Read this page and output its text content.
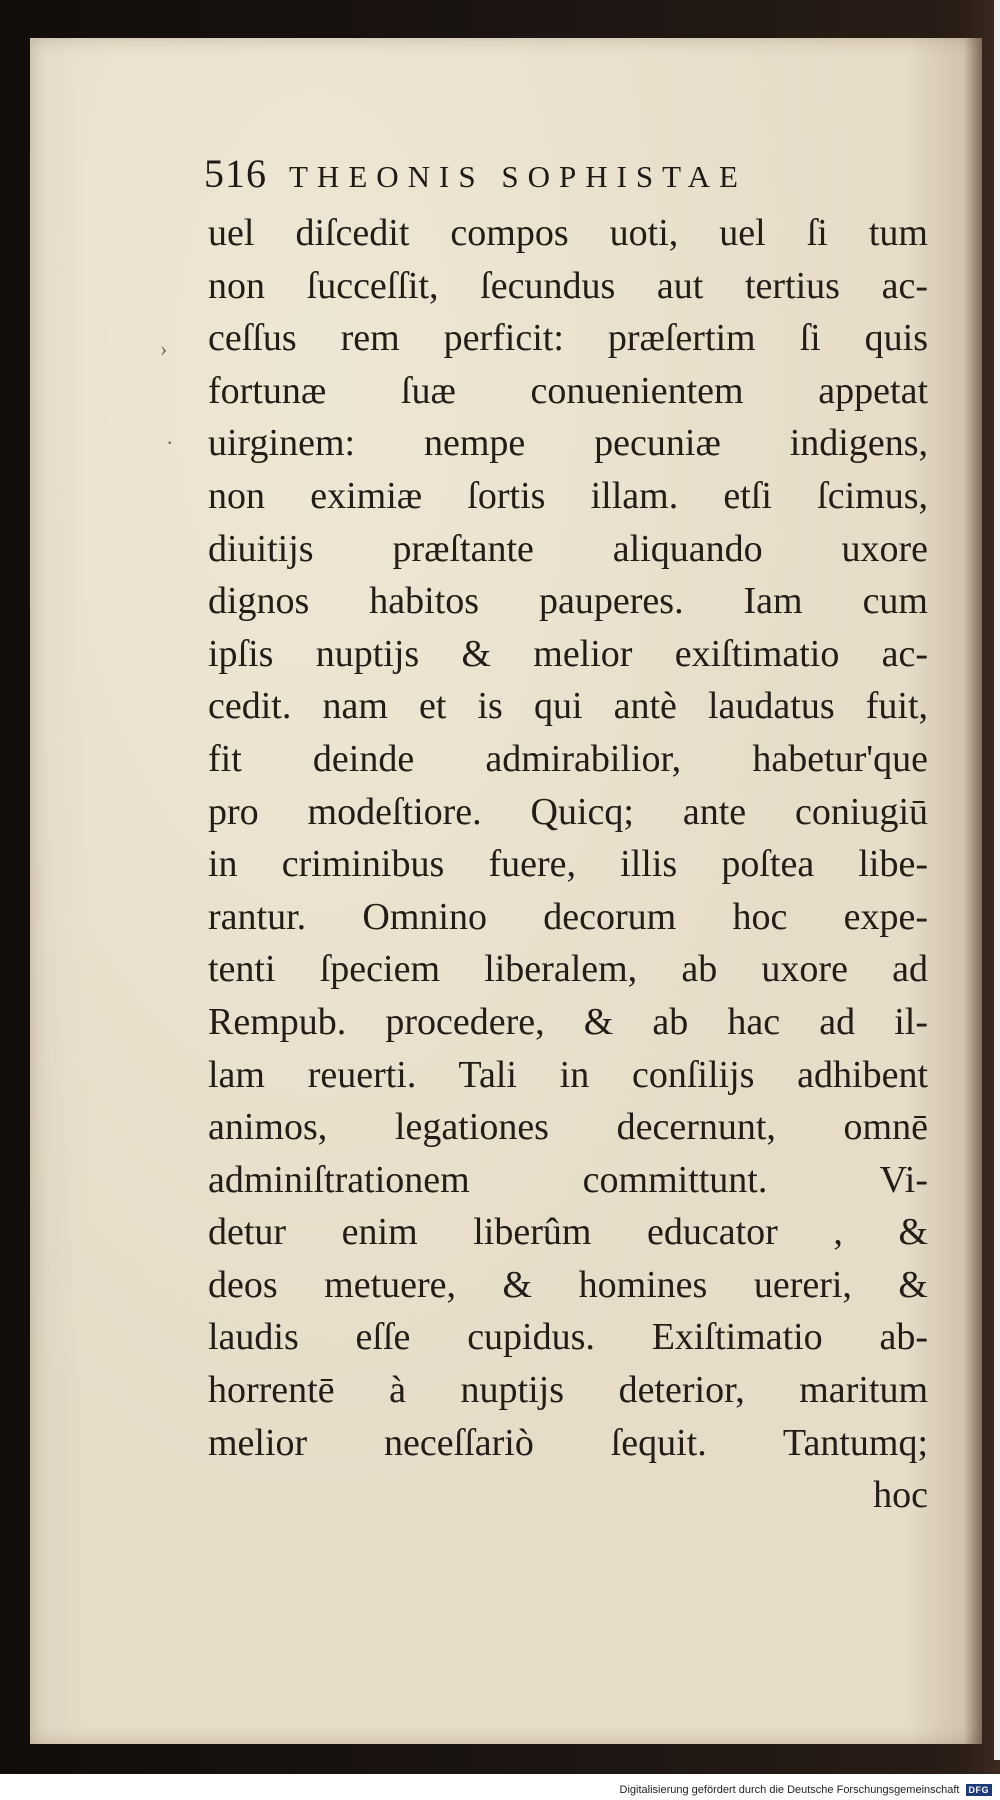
›
·
516 THEONIS SOPHISTAE
uel diſcedit compos uoti, uel ſi tum
non ſucceſſit, ſecundus aut tertius ac-
ceſſus rem perficit: præſertim ſi quis
fortunæ ſuæ conuenientem appetat
uirginem: nempe pecuniæ indigens,
non eximiæ ſortis illam. etſi ſcimus,
diuitijs præſtante aliquando uxore
dignos habitos pauperes. Iam cum
ipſis nuptijs & melior exiſtimatio ac-
cedit. nam et is qui antè laudatus fuit,
fit deinde admirabilior, habetur'que
pro modeſtiore. Quicq; ante coniugiū
in criminibus fuere, illis poſtea libe-
rantur. Omnino decorum hoc expe-
tenti ſpeciem liberalem, ab uxore ad
Rempub. procedere, & ab hac ad il-
lam reuerti. Tali in conſilijs adhibent
animos, legationes decernunt, omnē
adminiſtrationem committunt. Vi-
detur enim liberûm educator , &
deos metuere, & homines uereri, &
laudis eſſe cupidus. Exiſtimatio ab-
horrentē à nuptijs deterior, maritum
melior neceſſariò ſequit. Tantumq;
hoc
Digitalisierung gefördert durch die Deutsche Forschungsgemeinschaft	DFG
